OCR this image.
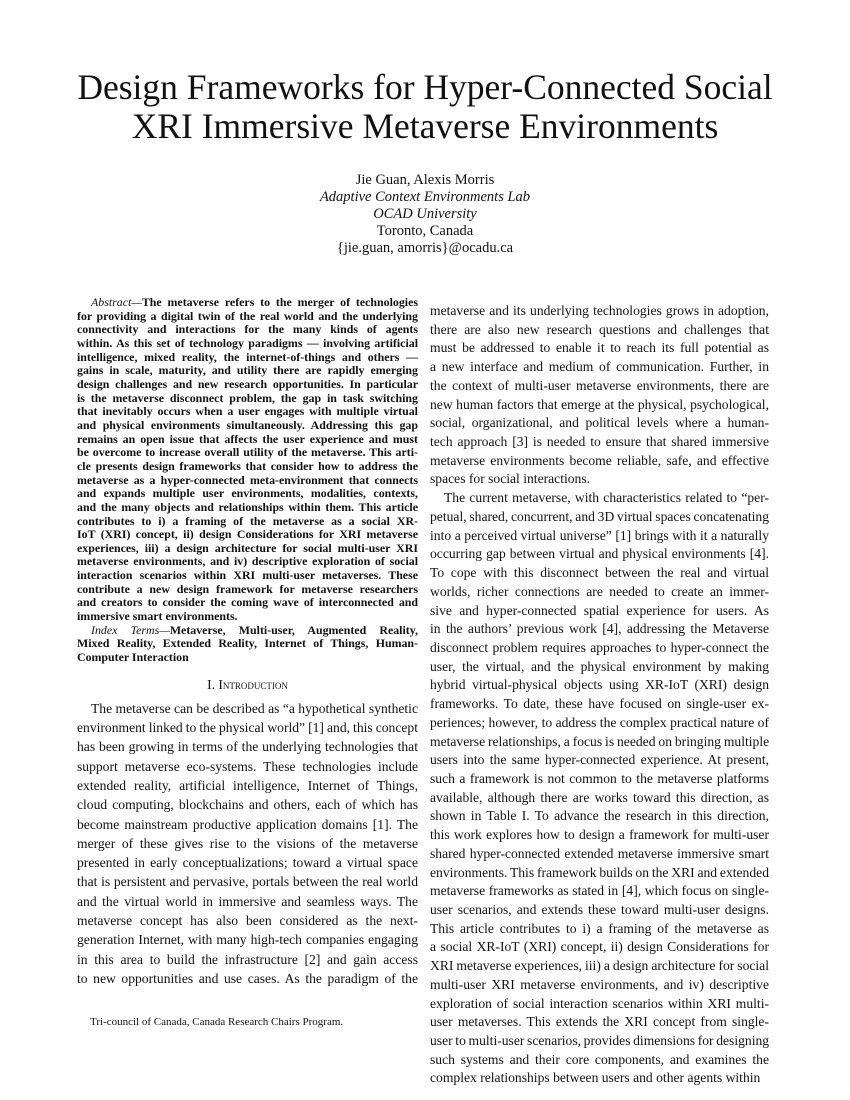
Design Frameworks for Hyper-Connected Social
XRI Immersive Metaverse Environments
Jie Guan, Alexis Morris
Adaptive Context Environments Lab
OCAD University
Toronto, Canada
{jie.guan, amorris}@ocadu.ca
Abstract—The metaverse refers to the merger of technologies
for providing a digital twin of the real world and the underlying
connectivity and interactions for the many kinds of agents
within. As this set of technology paradigms — involving artificial
intelligence, mixed reality, the internet-of-things and others —
gains in scale, maturity, and utility there are rapidly emerging
design challenges and new research opportunities. In particular
is the metaverse disconnect problem, the gap in task switching
that inevitably occurs when a user engages with multiple virtual
and physical environments simultaneously. Addressing this gap
remains an open issue that affects the user experience and must
be overcome to increase overall utility of the metaverse. This arti-
cle presents design frameworks that consider how to address the
metaverse as a hyper-connected meta-environment that connects
and expands multiple user environments, modalities, contexts,
and the many objects and relationships within them. This article
contributes to i) a framing of the metaverse as a social XR-
IoT (XRI) concept, ii) design Considerations for XRI metaverse
experiences, iii) a design architecture for social multi-user XRI
metaverse environments, and iv) descriptive exploration of social
interaction scenarios within XRI multi-user metaverses. These
contribute a new design framework for metaverse researchers
and creators to consider the coming wave of interconnected and
immersive smart environments.
Index Terms—Metaverse, Multi-user, Augmented Reality,
Mixed Reality, Extended Reality, Internet of Things, Human-
Computer Interaction
I. Introduction
The metaverse can be described as “a hypothetical synthetic
environment linked to the physical world” [1] and, this concept
has been growing in terms of the underlying technologies that
support metaverse eco-systems. These technologies include
extended reality, artificial intelligence, Internet of Things,
cloud computing, blockchains and others, each of which has
become mainstream productive application domains [1]. The
merger of these gives rise to the visions of the metaverse
presented in early conceptualizations; toward a virtual space
that is persistent and pervasive, portals between the real world
and the virtual world in immersive and seamless ways. The
metaverse concept has also been considered as the next-
generation Internet, with many high-tech companies engaging
in this area to build the infrastructure [2] and gain access
to new opportunities and use cases. As the paradigm of the
metaverse and its underlying technologies grows in adoption,
there are also new research questions and challenges that
must be addressed to enable it to reach its full potential as
a new interface and medium of communication. Further, in
the context of multi-user metaverse environments, there are
new human factors that emerge at the physical, psychological,
social, organizational, and political levels where a human-
tech approach [3] is needed to ensure that shared immersive
metaverse environments become reliable, safe, and effective
spaces for social interactions.
The current metaverse, with characteristics related to “per-
petual, shared, concurrent, and 3D virtual spaces concatenating
into a perceived virtual universe” [1] brings with it a naturally
occurring gap between virtual and physical environments [4].
To cope with this disconnect between the real and virtual
worlds, richer connections are needed to create an immer-
sive and hyper-connected spatial experience for users. As
in the authors’ previous work [4], addressing the Metaverse
disconnect problem requires approaches to hyper-connect the
user, the virtual, and the physical environment by making
hybrid virtual-physical objects using XR-IoT (XRI) design
frameworks. To date, these have focused on single-user ex-
periences; however, to address the complex practical nature of
metaverse relationships, a focus is needed on bringing multiple
users into the same hyper-connected experience. At present,
such a framework is not common to the metaverse platforms
available, although there are works toward this direction, as
shown in Table I. To advance the research in this direction,
this work explores how to design a framework for multi-user
shared hyper-connected extended metaverse immersive smart
environments. This framework builds on the XRI and extended
metaverse frameworks as stated in [4], which focus on single-
user scenarios, and extends these toward multi-user designs.
This article contributes to i) a framing of the metaverse as
a social XR-IoT (XRI) concept, ii) design Considerations for
XRI metaverse experiences, iii) a design architecture for social
multi-user XRI metaverse environments, and iv) descriptive
exploration of social interaction scenarios within XRI multi-
user metaverses. This extends the XRI concept from single-
user to multi-user scenarios, provides dimensions for designing
such systems and their core components, and examines the
complex relationships between users and other agents within
Tri-council of Canada, Canada Research Chairs Program.
